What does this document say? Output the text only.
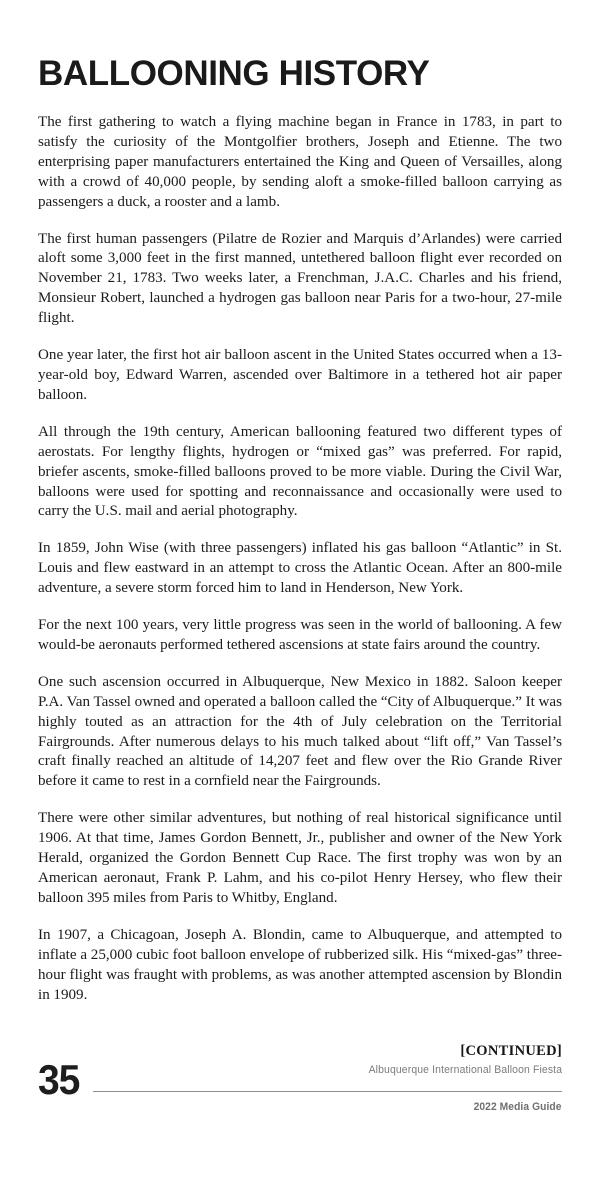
BALLOONING HISTORY

The first gathering to watch a flying machine began in France in 1783, in part to satisfy the curiosity of the Montgolfier brothers, Joseph and Etienne. The two enterprising paper manufacturers entertained the King and Queen of Versailles, along with a crowd of 40,000 people, by sending aloft a smoke-filled balloon carrying as passengers a duck, a rooster and a lamb.

The first human passengers (Pilatre de Rozier and Marquis d’Arlandes) were carried aloft some 3,000 feet in the first manned, untethered balloon flight ever recorded on November 21, 1783. Two weeks later, a Frenchman, J.A.C. Charles and his friend, Monsieur Robert, launched a hydrogen gas balloon near Paris for a two-hour, 27-mile flight.

One year later, the first hot air balloon ascent in the United States occurred when a 13-year-old boy, Edward Warren, ascended over Baltimore in a tethered hot air paper balloon.

All through the 19th century, American ballooning featured two different types of aerostats. For lengthy flights, hydrogen or “mixed gas” was preferred. For rapid, briefer ascents, smoke-filled balloons proved to be more viable. During the Civil War, balloons were used for spotting and reconnaissance and occasionally were used to carry the U.S. mail and aerial photography.

In 1859, John Wise (with three passengers) inflated his gas balloon “Atlantic” in St. Louis and flew eastward in an attempt to cross the Atlantic Ocean. After an 800-mile adventure, a severe storm forced him to land in Henderson, New York.

For the next 100 years, very little progress was seen in the world of ballooning. A few would-be aeronauts performed tethered ascensions at state fairs around the country.

One such ascension occurred in Albuquerque, New Mexico in 1882. Saloon keeper P.A. Van Tassel owned and operated a balloon called the “City of Albuquerque.” It was highly touted as an attraction for the 4th of July celebration on the Territorial Fairgrounds. After numerous delays to his much talked about “lift off,” Van Tassel’s craft finally reached an altitude of 14,207 feet and flew over the Rio Grande River before it came to rest in a cornfield near the Fairgrounds.

There were other similar adventures, but nothing of real historical significance until 1906. At that time, James Gordon Bennett, Jr., publisher and owner of the New York Herald, organized the Gordon Bennett Cup Race. The first trophy was won by an American aeronaut, Frank P. Lahm, and his co-pilot Henry Hersey, who flew their balloon 395 miles from Paris to Whitby, England.

In 1907, a Chicagoan, Joseph A. Blondin, came to Albuquerque, and attempted to inflate a 25,000 cubic foot balloon envelope of rubberized silk. His “mixed-gas” three-hour flight was fraught with problems, as was another attempted ascension by Blondin in 1909.

[CONTINUED]
Albuquerque International Balloon Fiesta
35
2022 Media Guide
